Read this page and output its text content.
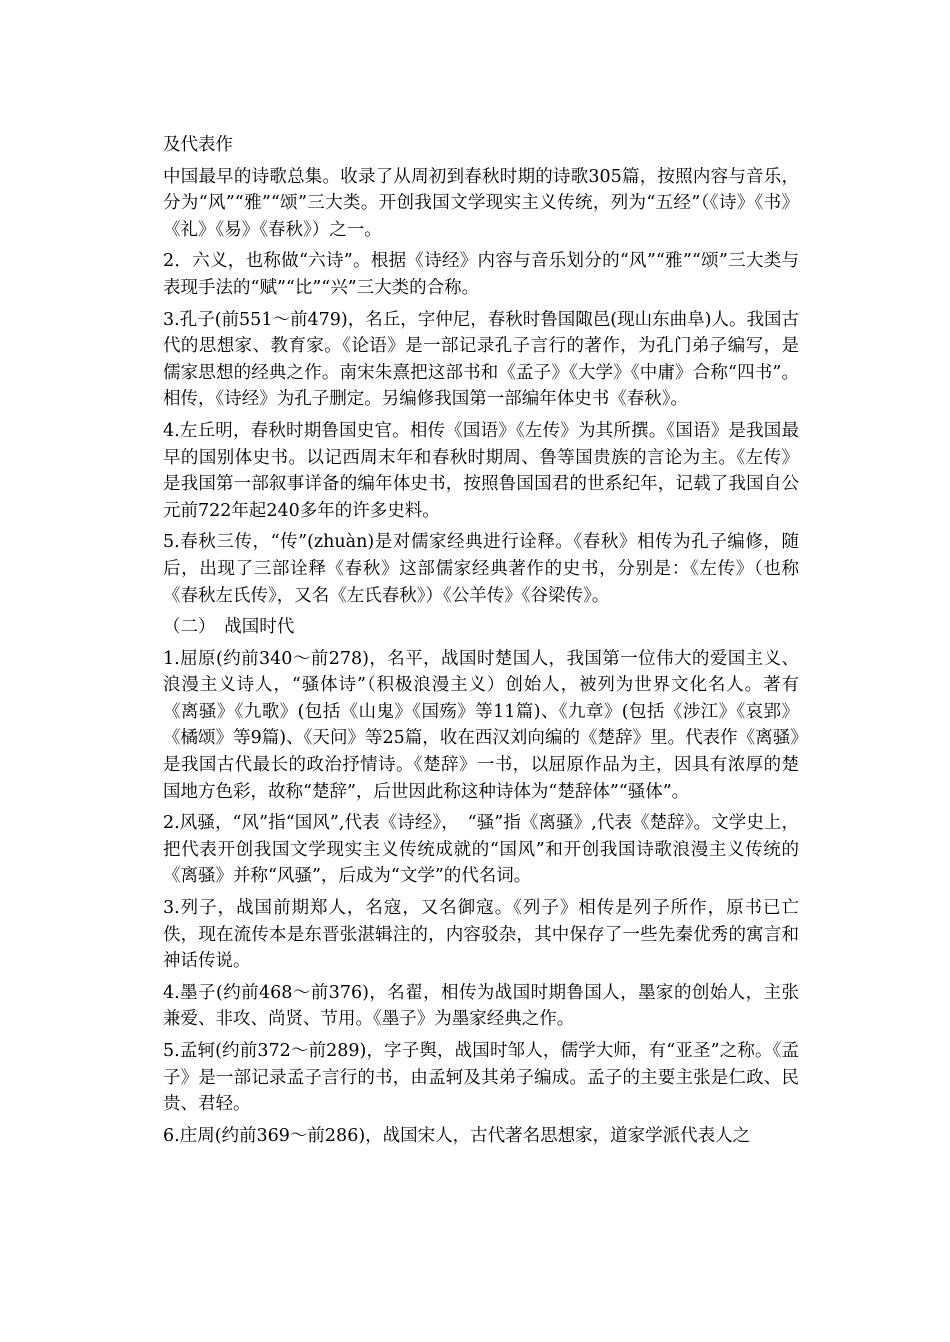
及代表作

中国最早的诗歌总集。收录了从周初到春秋时期的诗歌305篇，按照内容与音乐，分为“风”“雅”“颂”三大类。开创我国文学现实主义传统，列为“五经”（《诗》《书》《礼》《易》《春秋》）之一。

2．六义，也称做“六诗”。根据《诗经》内容与音乐划分的“风”“雅”“颂”三大类与表现手法的“赋”“比”“兴”三大类的合称。

3.孔子(前551～前479)，名丘，字仲尼，春秋时鲁国陬邑(现山东曲阜)人。我国古代的思想家、教育家。《论语》是一部记录孔子言行的著作，为孔门弟子编写，是儒家思想的经典之作。南宋朱熹把这部书和《孟子》《大学》《中庸》合称“四书”。相传，《诗经》为孔子删定。另编修我国第一部编年体史书《春秋》。

4.左丘明，春秋时期鲁国史官。相传《国语》《左传》为其所撰。《国语》是我国最早的国别体史书。以记西周末年和春秋时期周、鲁等国贵族的言论为主。《左传》是我国第一部叙事详备的编年体史书，按照鲁国国君的世系纪年，记载了我国自公元前722年起240多年的许多史料。

5.春秋三传，“传”(zhuàn)是对儒家经典进行诠释。《春秋》相传为孔子编修，随后，出现了三部诠释《春秋》这部儒家经典著作的史书，分别是：《左传》（也称《春秋左氏传》，又名《左氏春秋》）《公羊传》《谷梁传》。

（二）　战国时代

1.屈原(约前340～前278)，名平，战国时楚国人，我国第一位伟大的爱国主义、浪漫主义诗人，“骚体诗”（积极浪漫主义）创始人，被列为世界文化名人。著有《离骚》《九歌》(包括《山鬼》《国殇》等11篇)、《九章》(包括《涉江》《哀郢》《橘颂》等9篇)、《天问》等25篇，收在西汉刘向编的《楚辞》里。代表作《离骚》是我国古代最长的政治抒情诗。《楚辞》一书，以屈原作品为主，因具有浓厚的楚国地方色彩，故称“楚辞”，后世因此称这种诗体为“楚辞体”“骚体”。

2.风骚，“风”指“国风”,代表《诗经》，　“骚”指《离骚》,代表《楚辞》。文学史上，把代表开创我国文学现实主义传统成就的“国风”和开创我国诗歌浪漫主义传统的《离骚》并称“风骚”，后成为“文学”的代名词。

3.列子，战国前期郑人，名寇，又名御寇。《列子》相传是列子所作，原书已亡佚，现在流传本是东晋张湛辑注的，内容驳杂，其中保存了一些先秦优秀的寓言和神话传说。

4.墨子(约前468～前376)，名翟，相传为战国时期鲁国人，墨家的创始人，主张兼爱、非攻、尚贤、节用。《墨子》为墨家经典之作。

5.孟轲(约前372～前289)，字子舆，战国时邹人，儒学大师，有“亚圣”之称。《孟子》是一部记录孟子言行的书，由孟轲及其弟子编成。孟子的主要主张是仁政、民贵、君轻。

6.庄周(约前369～前286)，战国宋人，古代著名思想家，道家学派代表人之
